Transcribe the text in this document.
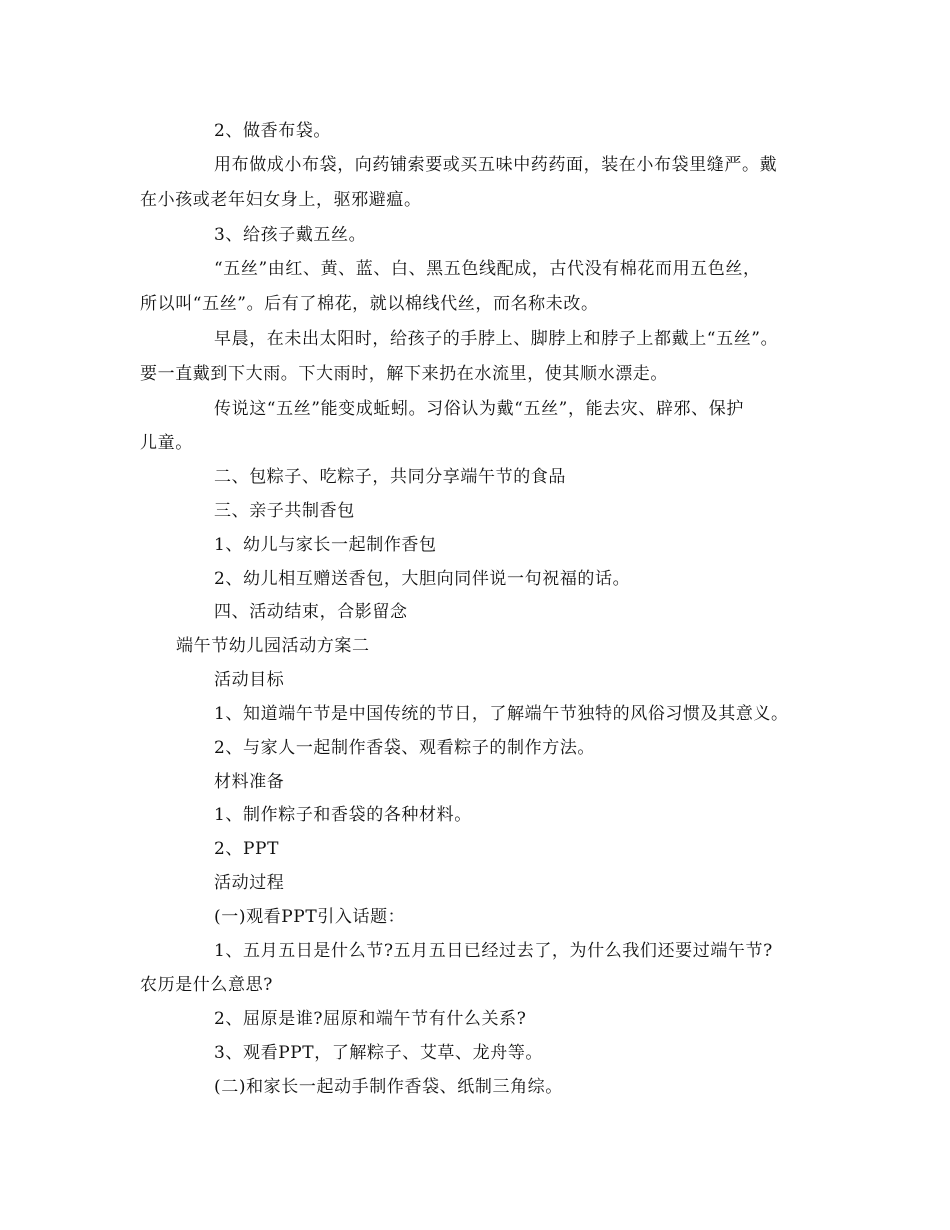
2、做香布袋。
用布做成小布袋，向药铺索要或买五味中药药面，装在小布袋里缝严。戴
在小孩或老年妇女身上，驱邪避瘟。
3、给孩子戴五丝。
“五丝”由红、黄、蓝、白、黑五色线配成，古代没有棉花而用五色丝，
所以叫“五丝”。后有了棉花，就以棉线代丝，而名称未改。
早晨，在未出太阳时，给孩子的手脖上、脚脖上和脖子上都戴上“五丝”。
要一直戴到下大雨。下大雨时，解下来扔在水流里，使其顺水漂走。
传说这“五丝”能变成蚯蚓。习俗认为戴“五丝”，能去灾、辟邪、保护
儿童。
二、包粽子、吃粽子，共同分享端午节的食品
三、亲子共制香包
1、幼儿与家长一起制作香包
2、幼儿相互赠送香包，大胆向同伴说一句祝福的话。
四、活动结束，合影留念
端午节幼儿园活动方案二
活动目标
1、知道端午节是中国传统的节日，了解端午节独特的风俗习惯及其意义。
2、与家人一起制作香袋、观看粽子的制作方法。
材料准备
1、制作粽子和香袋的各种材料。
2、PPT
活动过程
(一)观看PPT引入话题：
1、五月五日是什么节?五月五日已经过去了，为什么我们还要过端午节?
农历是什么意思?
2、屈原是谁?屈原和端午节有什么关系?
3、观看PPT，了解粽子、艾草、龙舟等。
(二)和家长一起动手制作香袋、纸制三角综。
